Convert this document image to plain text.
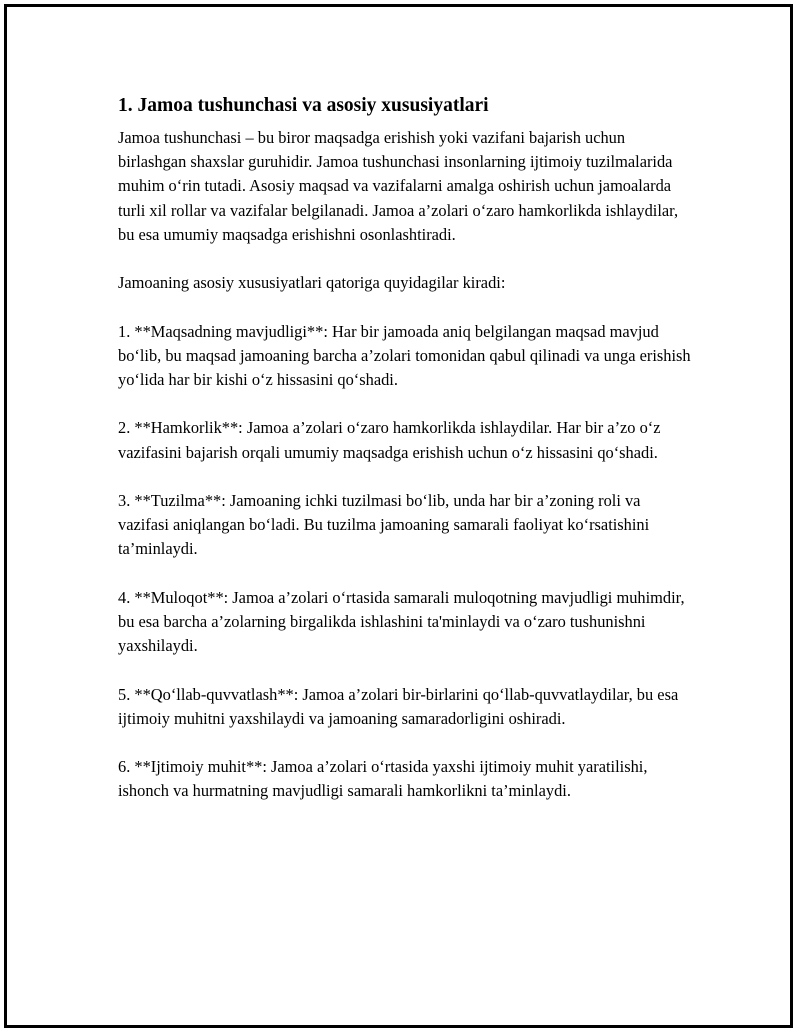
1. Jamoa tushunchasi va asosiy xususiyatlari

Jamoa tushunchasi – bu biror maqsadga erishish yoki vazifani bajarish uchun birlashgan shaxslar guruhidir. Jamoa tushunchasi insonlarning ijtimoiy tuzilmalarida muhim o‘rin tutadi. Asosiy maqsad va vazifalarni amalga oshirish uchun jamoalarda turli xil rollar va vazifalar belgilanadi. Jamoa a’zolari o‘zaro hamkorlikda ishlaydilar, bu esa umumiy maqsadga erishishni osonlashtiradi.

Jamoaning asosiy xususiyatlari qatoriga quyidagilar kiradi:

1. **Maqsadning mavjudligi**: Har bir jamoada aniq belgilangan maqsad mavjud bo‘lib, bu maqsad jamoaning barcha a’zolari tomonidan qabul qilinadi va unga erishish yo‘lida har bir kishi o‘z hissasini qo‘shadi.

2. **Hamkorlik**: Jamoa a’zolari o‘zaro hamkorlikda ishlaydilar. Har bir a’zo o‘z vazifasini bajarish orqali umumiy maqsadga erishish uchun o‘z hissasini qo‘shadi.

3. **Tuzilma**: Jamoaning ichki tuzilmasi bo‘lib, unda har bir a’zoning roli va vazifasi aniqlangan bo‘ladi. Bu tuzilma jamoaning samarali faoliyat ko‘rsatishini ta’minlaydi.

4. **Muloqot**: Jamoa a’zolari o‘rtasida samarali muloqotning mavjudligi muhimdir, bu esa barcha a’zolarning birgalikda ishlashini ta'minlaydi va o‘zaro tushunishni yaxshilaydi.

5. **Qo‘llab-quvvatlash**: Jamoa a’zolari bir-birlarini qo‘llab-quvvatlaydilar, bu esa ijtimoiy muhitni yaxshilaydi va jamoaning samaradorligini oshiradi.

6. **Ijtimoiy muhit**: Jamoa a’zolari o‘rtasida yaxshi ijtimoiy muhit yaratilishi, ishonch va hurmatning mavjudligi samarali hamkorlikni ta’minlaydi.
